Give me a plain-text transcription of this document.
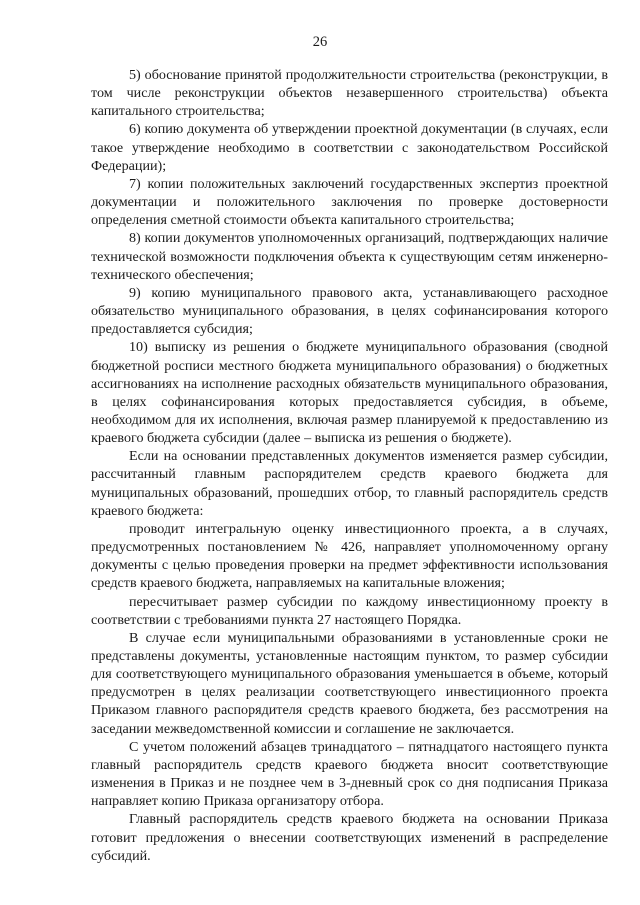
26

5) обоснование принятой продолжительности строительства (реконструкции, в том числе реконструкции объектов незавершенного строительства) объекта капитального строительства;

6) копию документа об утверждении проектной документации (в случаях, если такое утверждение необходимо в соответствии с законодательством Российской Федерации);

7) копии положительных заключений государственных экспертиз проектной документации и положительного заключения по проверке достоверности определения сметной стоимости объекта капитального строительства;

8) копии документов уполномоченных организаций, подтверждающих наличие технической возможности подключения объекта к существующим сетям инженерно-технического обеспечения;

9) копию муниципального правового акта, устанавливающего расходное обязательство муниципального образования, в целях софинансирования которого предоставляется субсидия;

10) выписку из решения о бюджете муниципального образования (сводной бюджетной росписи местного бюджета муниципального образования) о бюджетных ассигнованиях на исполнение расходных обязательств муниципального образования, в целях софинансирования которых предоставляется субсидия, в объеме, необходимом для их исполнения, включая размер планируемой к предоставлению из краевого бюджета субсидии (далее – выписка из решения о бюджете).

Если на основании представленных документов изменяется размер субсидии, рассчитанный главным распорядителем средств краевого бюджета для муниципальных образований, прошедших отбор, то главный распорядитель средств краевого бюджета:

проводит интегральную оценку инвестиционного проекта, а в случаях, предусмотренных постановлением № 426, направляет уполномоченному органу документы с целью проведения проверки на предмет эффективности использования средств краевого бюджета, направляемых на капитальные вложения;

пересчитывает размер субсидии по каждому инвестиционному проекту в соответствии с требованиями пункта 27 настоящего Порядка.

В случае если муниципальными образованиями в установленные сроки не представлены документы, установленные настоящим пунктом, то размер субсидии для соответствующего муниципального образования уменьшается в объеме, который предусмотрен в целях реализации соответствующего инвестиционного проекта Приказом главного распорядителя средств краевого бюджета, без рассмотрения на заседании межведомственной комиссии и соглашение не заключается.

С учетом положений абзацев тринадцатого – пятнадцатого настоящего пункта главный распорядитель средств краевого бюджета вносит соответствующие изменения в Приказ и не позднее чем в 3-дневный срок со дня подписания Приказа направляет копию Приказа организатору отбора.

Главный распорядитель средств краевого бюджета на основании Приказа готовит предложения о внесении соответствующих изменений в распределение субсидий.
